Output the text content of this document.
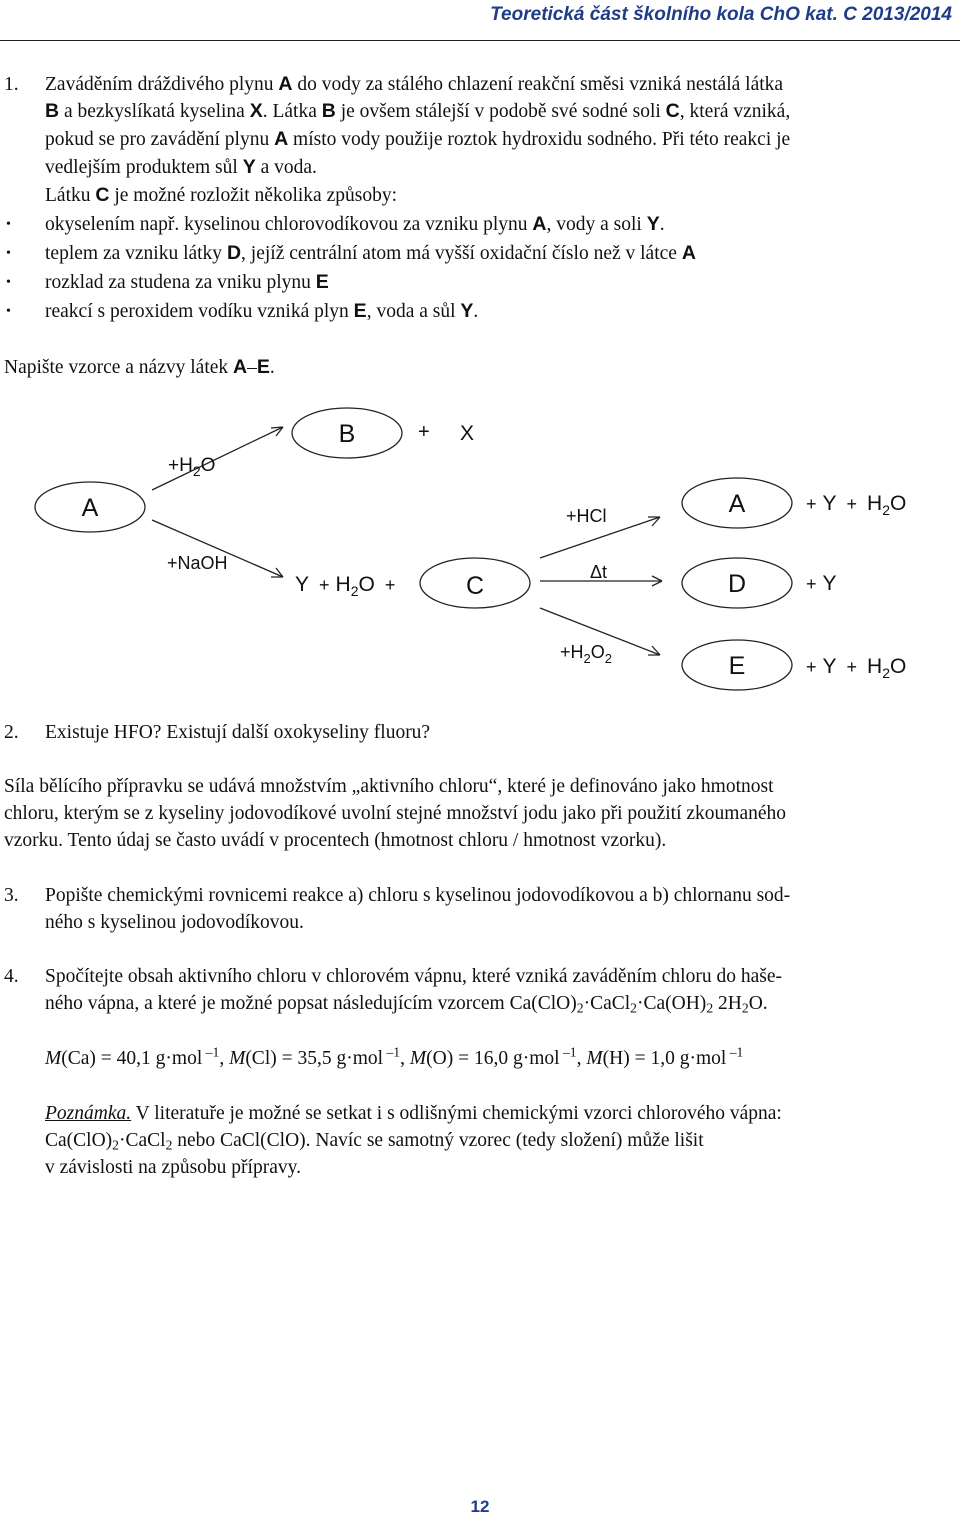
Teoretická část školního kola ChO kat. C 2013/2014
1.	Zaváděním dráždivého plynu A do vody za stálého chlazení reakční směsi vzniká nestálá látka
B a bezkyslíkatá kyselina X. Látka B je ovšem stálejší v podobě své sodné soli C, která vzniká,
pokud se pro zavádění plynu A místo vody použije roztok hydroxidu sodného. Při této reakci je
vedlejším produktem sůl Y a voda.
Látku C je možné rozložit několika způsoby:
• okyselením např. kyselinou chlorovodíkovou za vzniku plynu A, vody a soli Y.
• teplem za vzniku látky D, jejíž centrální atom má vyšší oxidační číslo než v látce A
• rozklad za studena za vniku plynu E
• reakcí s peroxidem vodíku vzniká plyn E, voda a sůl Y.
Napište vzorce a názvy látek A–E.
A
B
C
A
D
E
+ X
$+H_2O$
+NaOH
+HCl
Δt
$+H_2O_2$
$Y + H_2O$ +
+ $Y + H_2O$
+ Y
+ $Y + H_2O$
2.	Existuje HFO? Existují další oxokyseliny fluoru?
Síla bělícího přípravku se udává množstvím „aktivního chloru“, které je definováno jako hmotnost
chloru, kterým se z kyseliny jodovodíkové uvolní stejné množství jodu jako při použití zkoumaného
vzorku. Tento údaj se často uvádí v procentech (hmotnost chloru / hmotnost vzorku).
3.	Popište chemickými rovnicemi reakce a) chloru s kyselinou jodovodíkovou a b) chlornanu sod-
ného s kyselinou jodovodíkovou.
4.	Spočítejte obsah aktivního chloru v chlorovém vápnu, které vzniká zaváděním chloru do haše-
ného vápna, a které je možné popsat následujícím vzorcem $Ca(ClO)_2\cdot CaCl_2\cdot Ca(OH)_2$ $2H_2O$.
M(Ca) = 40,1 g·mol $^{-1}$, M(Cl) = 35,5 g·mol $^{-1}$, M(O) = 16,0 g·mol $^{-1}$, M(H) = 1,0 g·mol $^{-1}$
Poznámka. V literatuře je možné se setkat i s odlišnými chemickými vzorci chlorového vápna:
$Ca(ClO)_2\cdot CaCl_2$ nebo CaCl(ClO). Navíc se samotný vzorec (tedy složení) může lišit
v závislosti na způsobu přípravy.
12
